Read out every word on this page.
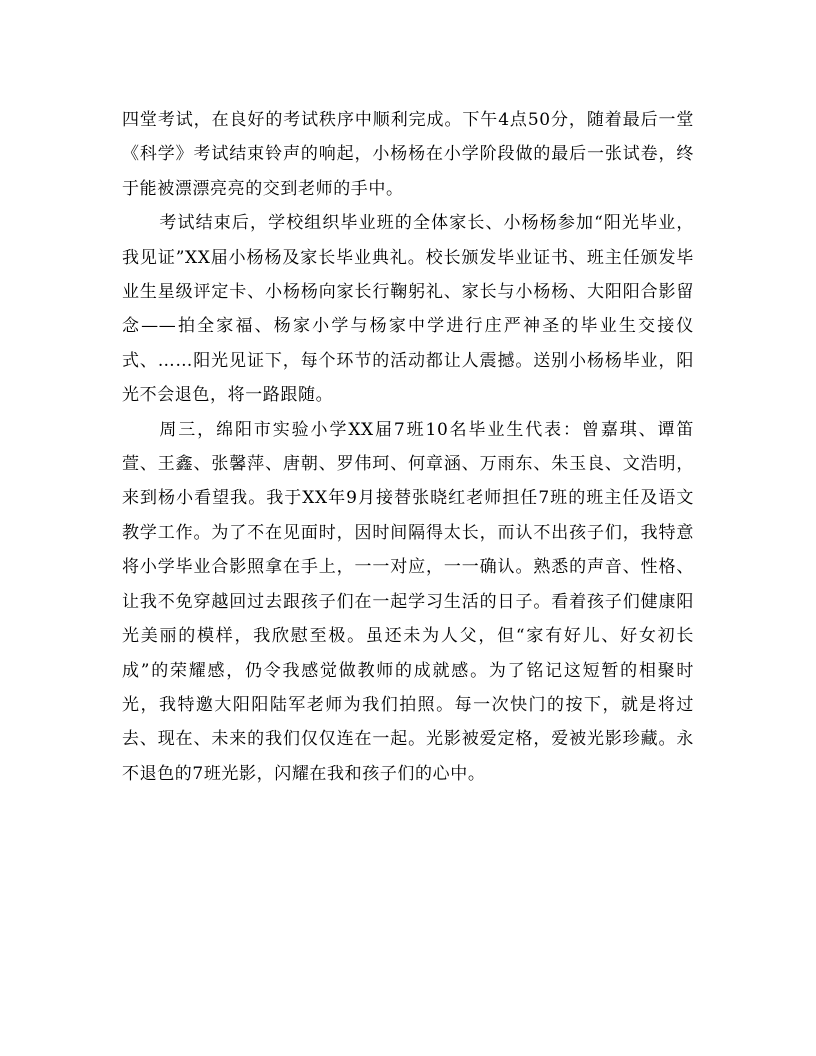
四堂考试，在良好的考试秩序中顺利完成。下午4点50分，随着最后一堂《科学》考试结束铃声的响起，小杨杨在小学阶段做的最后一张试卷，终于能被漂漂亮亮的交到老师的手中。

考试结束后，学校组织毕业班的全体家长、小杨杨参加“阳光毕业，我见证”XX届小杨杨及家长毕业典礼。校长颁发毕业证书、班主任颁发毕业生星级评定卡、小杨杨向家长行鞠躬礼、家长与小杨杨、大阳阳合影留念——拍全家福、杨家小学与杨家中学进行庄严神圣的毕业生交接仪式、……阳光见证下，每个环节的活动都让人震撼。送别小杨杨毕业，阳光不会退色，将一路跟随。

周三，绵阳市实验小学XX届7班10名毕业生代表：曾嘉琪、谭笛萱、王鑫、张馨萍、唐朝、罗伟珂、何章涵、万雨东、朱玉良、文浩明，来到杨小看望我。我于XX年9月接替张晓红老师担任7班的班主任及语文教学工作。为了不在见面时，因时间隔得太长，而认不出孩子们，我特意将小学毕业合影照拿在手上，一一对应，一一确认。熟悉的声音、性格、让我不免穿越回过去跟孩子们在一起学习生活的日子。看着孩子们健康阳光美丽的模样，我欣慰至极。虽还未为人父，但“家有好儿、好女初长成”的荣耀感，仍令我感觉做教师的成就感。为了铭记这短暂的相聚时光，我特邀大阳阳陆军老师为我们拍照。每一次快门的按下，就是将过去、现在、未来的我们仅仅连在一起。光影被爱定格，爱被光影珍藏。永不退色的7班光影，闪耀在我和孩子们的心中。
